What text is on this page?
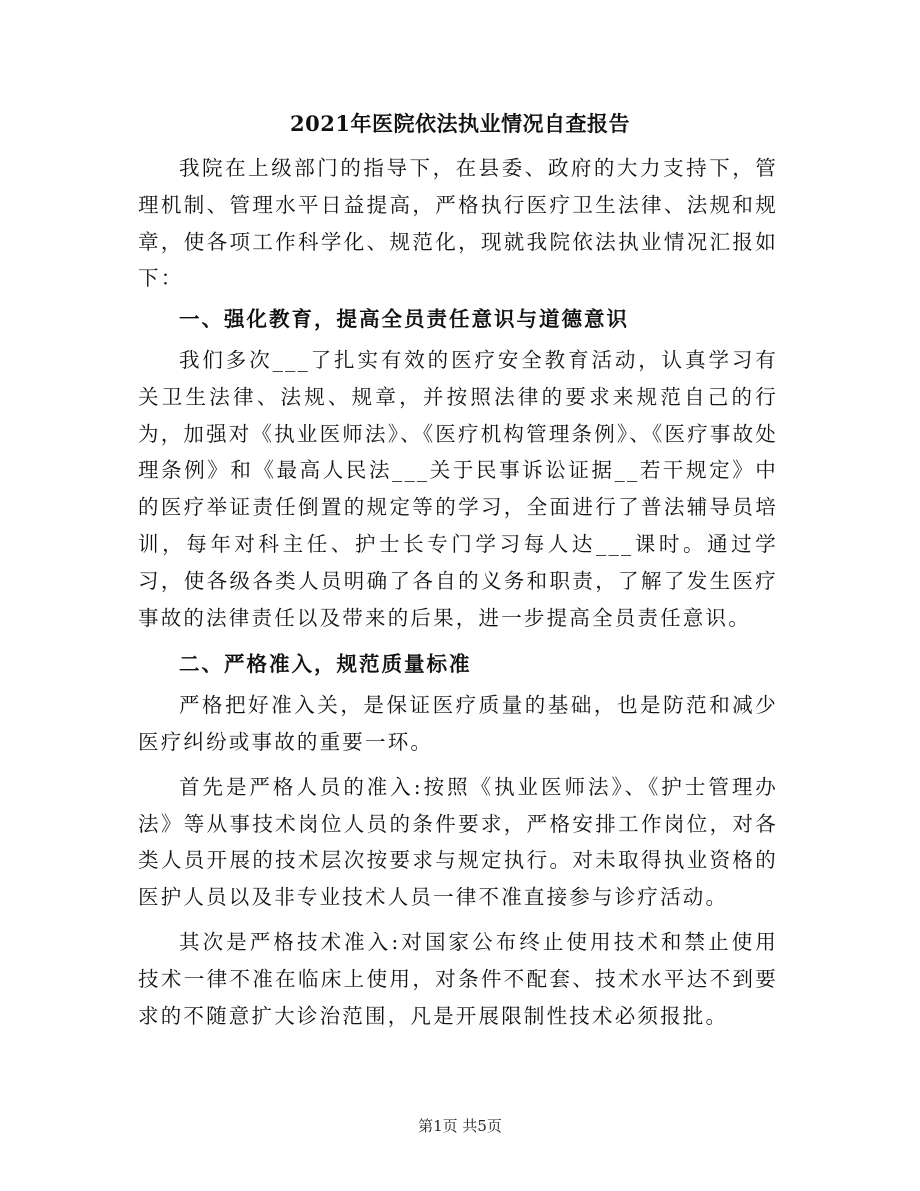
2021年医院依法执业情况自查报告

我院在上级部门的指导下，在县委、政府的大力支持下，管理机制、管理水平日益提高，严格执行医疗卫生法律、法规和规章，使各项工作科学化、规范化，现就我院依法执业情况汇报如下：

一、强化教育，提高全员责任意识与道德意识

我们多次___了扎实有效的医疗安全教育活动，认真学习有关卫生法律、法规、规章，并按照法律的要求来规范自己的行为，加强对《执业医师法》、《医疗机构管理条例》、《医疗事故处理条例》和《最高人民法___关于民事诉讼证据__若干规定》中的医疗举证责任倒置的规定等的学习，全面进行了普法辅导员培训，每年对科主任、护士长专门学习每人达___课时。通过学习，使各级各类人员明确了各自的义务和职责，了解了发生医疗事故的法律责任以及带来的后果，进一步提高全员责任意识。

二、严格准入，规范质量标准

严格把好准入关，是保证医疗质量的基础，也是防范和减少医疗纠纷或事故的重要一环。

首先是严格人员的准入:按照《执业医师法》、《护士管理办法》等从事技术岗位人员的条件要求，严格安排工作岗位，对各类人员开展的技术层次按要求与规定执行。对未取得执业资格的医护人员以及非专业技术人员一律不准直接参与诊疗活动。

其次是严格技术准入:对国家公布终止使用技术和禁止使用技术一律不准在临床上使用，对条件不配套、技术水平达不到要求的不随意扩大诊治范围，凡是开展限制性技术必须报批。

第1页 共5页
